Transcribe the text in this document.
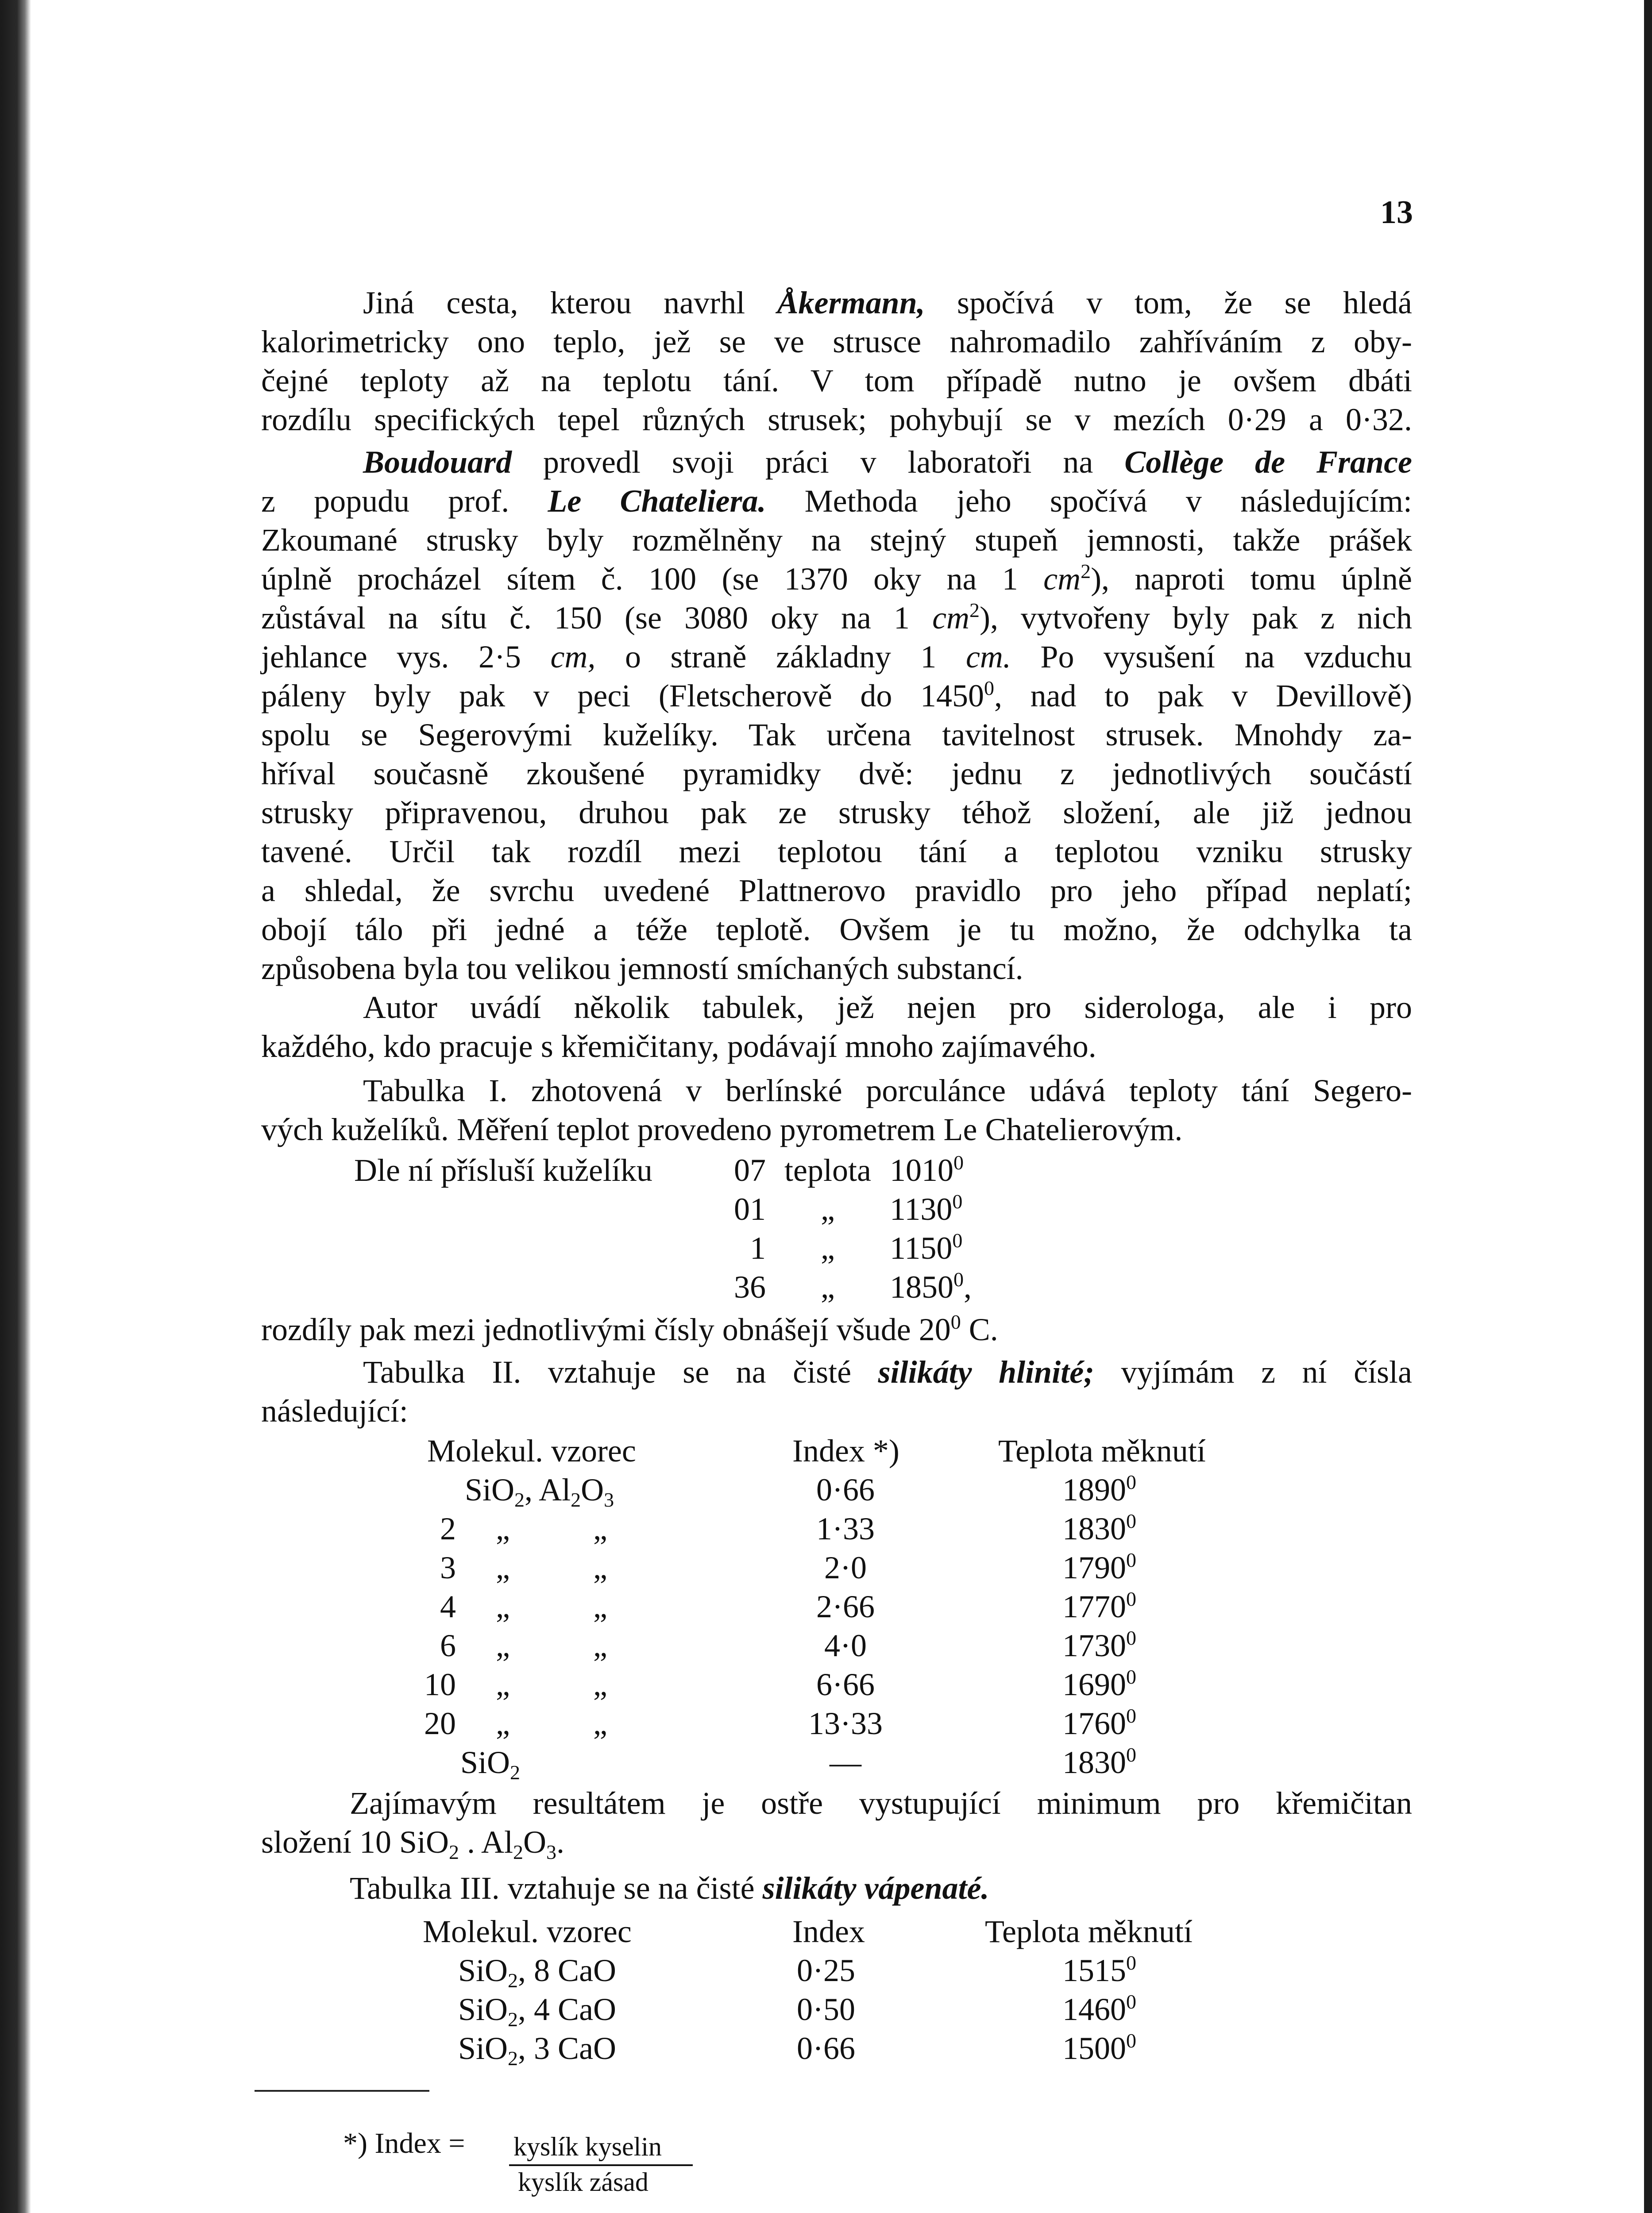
13
Jiná cesta, kterou navrhl Åkermann, spočívá v tom, že se hledá
kalorimetricky ono teplo, jež se ve strusce nahromadilo zahříváním z oby-
čejné teploty až na teplotu tání. V tom případě nutno je ovšem dbáti
rozdílu specifických tepel různých strusek; pohybují se v mezích 0·29 a 0·32.
Boudouard provedl svoji práci v laboratoři na Collège de France
z popudu prof. Le Chateliera. Methoda jeho spočívá v následujícím:
Zkoumané strusky byly rozmělněny na stejný stupeň jemnosti, takže prášek
úplně procházel sítem č. 100 (se 1370 oky na 1 $cm^2$), naproti tomu úplně
zůstával na sítu č. 150 (se 3080 oky na 1 $cm^2$), vytvořeny byly pak z nich
jehlance vys. 2·5 cm, o straně základny 1 cm. Po vysušení na vzduchu
páleny byly pak v peci (Fletscherově do 1450$^0$, nad to pak v Devillově)
spolu se Segerovými kuželíky. Tak určena tavitelnost strusek. Mnohdy za-
hříval současně zkoušené pyramidky dvě: jednu z jednotlivých součástí
strusky připravenou, druhou pak ze strusky téhož složení, ale již jednou
tavené. Určil tak rozdíl mezi teplotou tání a teplotou vzniku strusky
a shledal, že svrchu uvedené Plattnerovo pravidlo pro jeho případ neplatí;
obojí tálo při jedné a téže teplotě. Ovšem je tu možno, že odchylka ta
způsobena byla tou velikou jemností smíchaných substancí.
Autor uvádí několik tabulek, jež nejen pro siderologa, ale i pro
každého, kdo pracuje s křemičitany, podávají mnoho zajímavého.
Tabulka I. zhotovená v berlínské porculánce udává teploty tání Segero-
vých kuželíků. Měření teplot provedeno pyrometrem Le Chatelierovým.
Dle ní přísluší kuželíku	07 teplota 1010$^0$
01	„	1130$^0$
1	„	1150$^0$
36	„	1850$^0$,
rozdíly pak mezi jednotlivými čísly obnášejí všude $20^0$ C.
Tabulka II. vztahuje se na čisté silikáty hlinité; vyjímám z ní čísla
následující:
Molekul. vzorec	Index *)	Teplota měknutí
SiO2, Al2O3	0·66	1890$^0$
2 „	„	1·33	1830$^0$
3 „	„	2·0	1790$^0$
4 „	„	2·66	1770$^0$
6 „	„	4·0	1730$^0$
10 „	„	6·66	1690$^0$
20 „	„	13·33	1760$^0$
SiO2	—	1830$^0$
Zajímavým resultátem je ostře vystupující minimum pro křemičitan
složení 10 SiO2 . Al2O3.
Tabulka III. vztahuje se na čisté silikáty vápenaté.
Molekul. vzorec	Index	Teplota měknutí
SiO2, 8 CaO	0·25	1515$^0$
SiO2, 4 CaO	0·50	1460$^0$
SiO2, 3 CaO	0·66	1500$^0$
*) Index = kyslík kyselin
kyslík zásad
